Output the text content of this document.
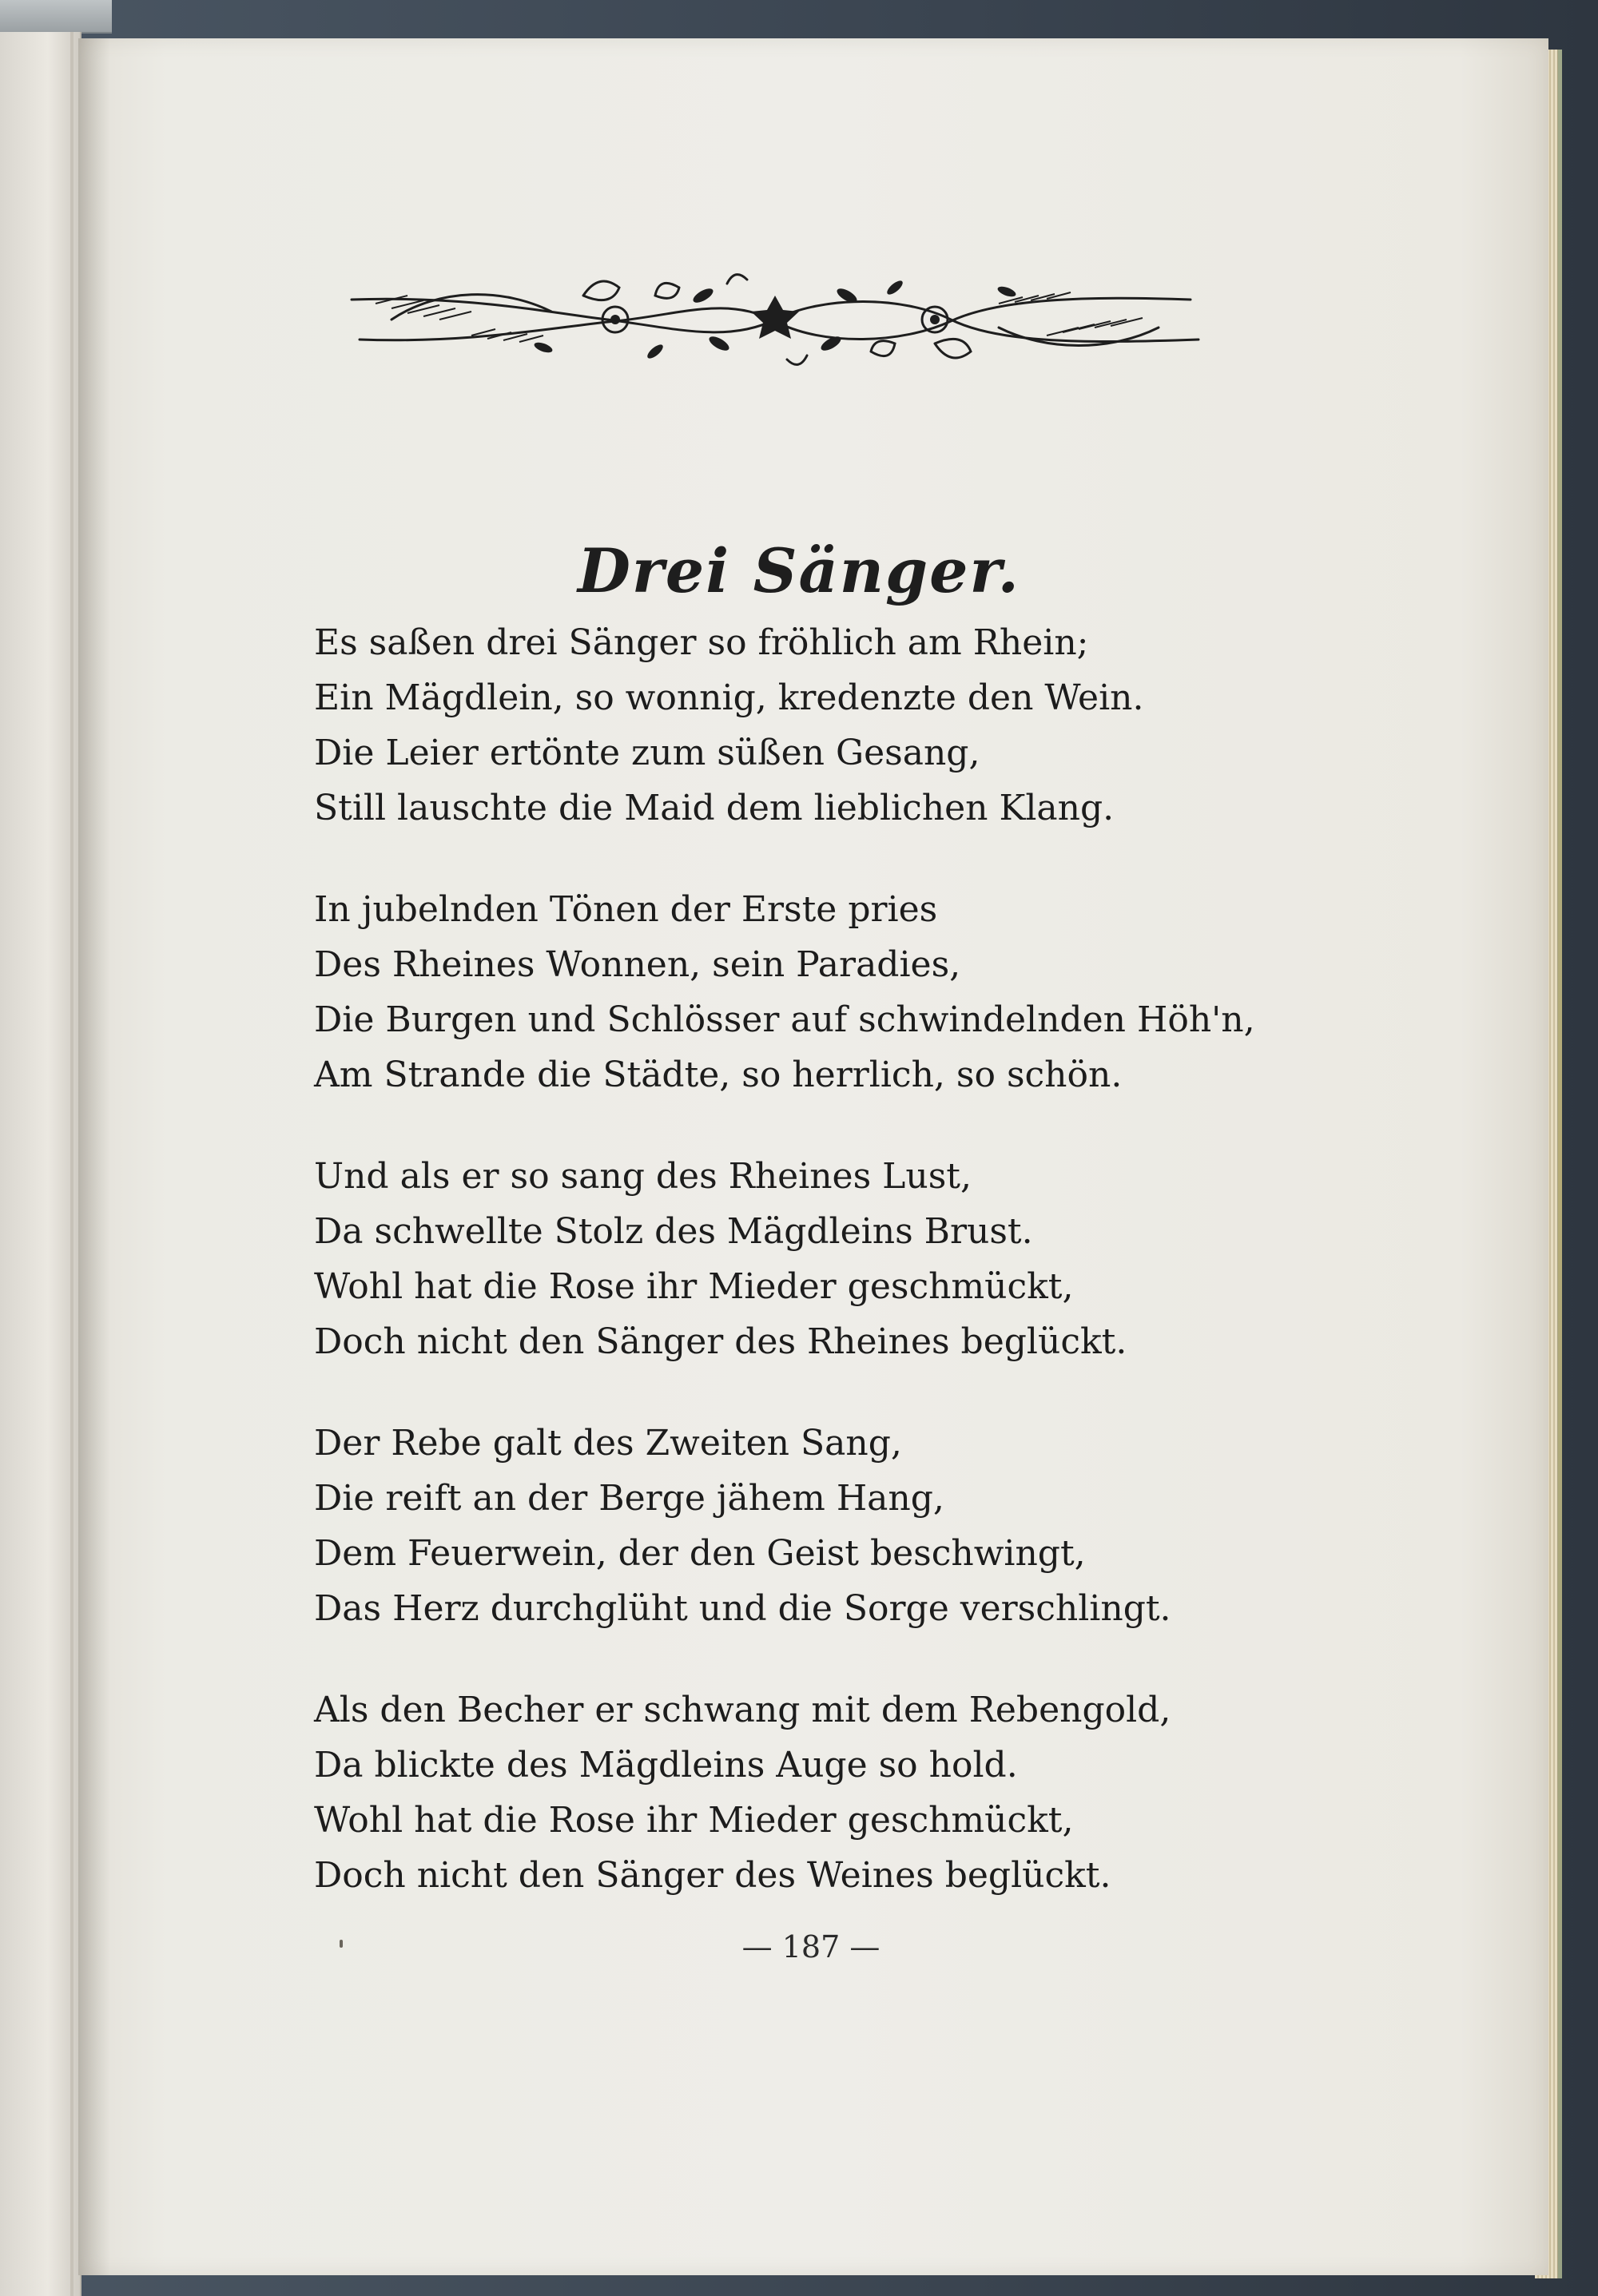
Drei Sänger.
Es saßen drei Sänger so fröhlich am Rhein;
Ein Mägdlein, so wonnig, kredenzte den Wein.
Die Leier ertönte zum süßen Gesang,
Still lauschte die Maid dem lieblichen Klang.
In jubelnden Tönen der Erste pries
Des Rheines Wonnen, sein Paradies,
Die Burgen und Schlösser auf schwindelnden Höh'n,
Am Strande die Städte, so herrlich, so schön.
Und als er so sang des Rheines Lust,
Da schwellte Stolz des Mägdleins Brust.
Wohl hat die Rose ihr Mieder geschmückt,
Doch nicht den Sänger des Rheines beglückt.
Der Rebe galt des Zweiten Sang,
Die reift an der Berge jähem Hang,
Dem Feuerwein, der den Geist beschwingt,
Das Herz durchglüht und die Sorge verschlingt.
Als den Becher er schwang mit dem Rebengold,
Da blickte des Mägdleins Auge so hold.
Wohl hat die Rose ihr Mieder geschmückt,
Doch nicht den Sänger des Weines beglückt.
— 187 —
